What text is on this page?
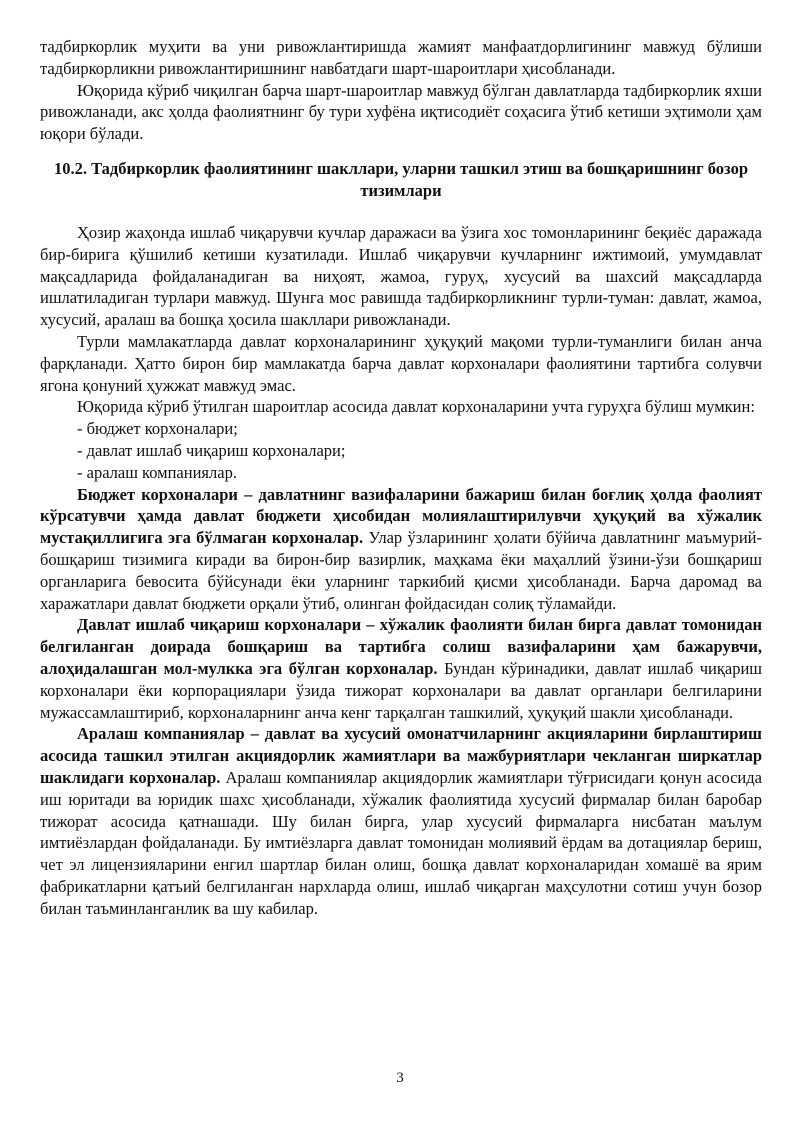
тадбиркорлик муҳити ва уни ривожлантиришда жамият манфаатдорлигининг мавжуд бўлиши тадбиркорликни ривожлантиришнинг навбатдаги шарт-шароитлари ҳисобланади.

Юқорида кўриб чиқилган барча шарт-шароитлар мавжуд бўлган давлатларда тадбиркорлик яхши ривожланади, акс ҳолда фаолиятнинг бу тури хуфёна иқтисодиёт соҳасига ўтиб кетиши эҳтимоли ҳам юқори бўлади.

10.2. Тадбиркорлик фаолиятининг шакллари, уларни ташкил этиш ва бошқаришнинг бозор тизимлари

Ҳозир жаҳонда ишлаб чиқарувчи кучлар даражаси ва ўзига хос томонларининг беқиёс даражада бир-бирига қўшилиб кетиши кузатилади. Ишлаб чиқарувчи кучларнинг ижтимоий, умумдавлат мақсадларида фойдаланадиган ва ниҳоят, жамоа, гуруҳ, хусусий ва шахсий мақсадларда ишлатиладиган турлари мавжуд. Шунга мос равишда тадбиркорликнинг турли-туман: давлат, жамоа, хусусий, аралаш ва бошқа ҳосила шакллари ривожланади.

Турли мамлакатларда давлат корхоналарининг ҳуқуқий мақоми турли-туманлиги билан анча фарқланади. Ҳатто бирон бир мамлакатда барча давлат корхоналари фаолиятини тартибга солувчи ягона қонуний ҳужжат мавжуд эмас.

Юқорида кўриб ўтилган шароитлар асосида давлат корхоналарини учта гуруҳга бўлиш мумкин:

- бюджет корхоналари;

- давлат ишлаб чиқариш корхоналари;

- аралаш компаниялар.

Бюджет корхоналари – давлатнинг вазифаларини бажариш билан боғлиқ ҳолда фаолият кўрсатувчи ҳамда давлат бюджети ҳисобидан молиялаштирилувчи ҳуқуқий ва хўжалик мустақиллигига эга бўлмаган корхоналар. Улар ўзларининг ҳолати бўйича давлатнинг маъмурий-бошқариш тизимига киради ва бирон-бир вазирлик, маҳкама ёки маҳаллий ўзини-ўзи бошқариш органларига бевосита бўйсунади ёки уларнинг таркибий қисми ҳисобланади. Барча даромад ва харажатлари давлат бюджети орқали ўтиб, олинган фойдасидан солиқ тўламайди.

Давлат ишлаб чиқариш корхоналари – хўжалик фаолияти билан бирга давлат томонидан белгиланган доирада бошқариш ва тартибга солиш вазифаларини ҳам бажарувчи, алоҳидалашган мол-мулкка эга бўлган корхоналар. Бундан кўринадики, давлат ишлаб чиқариш корхоналари ёки корпорациялари ўзида тижорат корхоналари ва давлат органлари белгиларини мужассамлаштириб, корхоналарнинг анча кенг тарқалган ташкилий, ҳуқуқий шакли ҳисобланади.

Аралаш компаниялар – давлат ва хусусий омонатчиларнинг акцияларини бирлаштириш асосида ташкил этилган акциядорлик жамиятлари ва мажбуриятлари чекланган ширкатлар шаклидаги корхоналар. Аралаш компаниялар акциядорлик жамиятлари тўғрисидаги қонун асосида иш юритади ва юридик шахс ҳисобланади, хўжалик фаолиятида хусусий фирмалар билан баробар тижорат асосида қатнашади. Шу билан бирга, улар хусусий фирмаларга нисбатан маълум имтиёзлардан фойдаланади. Бу имтиёзларга давлат томонидан молиявий ёрдам ва дотациялар бериш, чет эл лицензияларини енгил шартлар билан олиш, бошқа давлат корхоналаридан хомашё ва ярим фабрикатларни қатъий белгиланган нархларда олиш, ишлаб чиқарган маҳсулотни сотиш учун бозор билан таъминланганлик ва шу кабилар.

3
